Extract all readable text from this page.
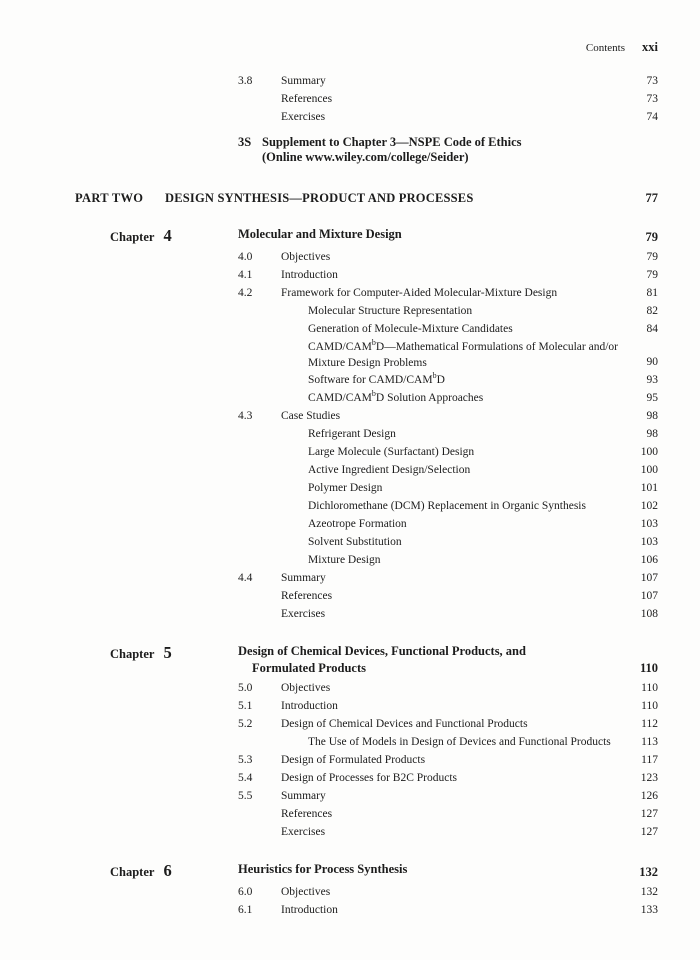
Contents xxi
3.8	Summary	73
References	73
Exercises	74
3S Supplement to Chapter 3—NSPE Code of Ethics
(Online www.wiley.com/college/Seider)
PART TWO	DESIGN SYNTHESIS—PRODUCT AND PROCESSES	77
Chapter 4	Molecular and Mixture Design	79
4.0	Objectives	79
4.1	Introduction	79
4.2	Framework for Computer-Aided Molecular-Mixture Design	81
Molecular Structure Representation	82
Generation of Molecule-Mixture Candidates	84
CAMD/CAM$^b$D—Mathematical Formulations of Molecular and/or
Mixture Design Problems	90
Software for CAMD/CAM$^b$D	93
CAMD/CAM$^b$D Solution Approaches	95
4.3	Case Studies	98
Refrigerant Design	98
Large Molecule (Surfactant) Design	100
Active Ingredient Design/Selection	100
Polymer Design	101
Dichloromethane (DCM) Replacement in Organic Synthesis	102
Azeotrope Formation	103
Solvent Substitution	103
Mixture Design	106
4.4	Summary	107
References	107
Exercises	108
Chapter 5	Design of Chemical Devices, Functional Products, and
Formulated Products	110
5.0	Objectives	110
5.1	Introduction	110
5.2	Design of Chemical Devices and Functional Products	112
The Use of Models in Design of Devices and Functional Products	113
5.3	Design of Formulated Products	117
5.4	Design of Processes for B2C Products	123
5.5	Summary	126
References	127
Exercises	127
Chapter 6	Heuristics for Process Synthesis	132
6.0	Objectives	132
6.1	Introduction	133
